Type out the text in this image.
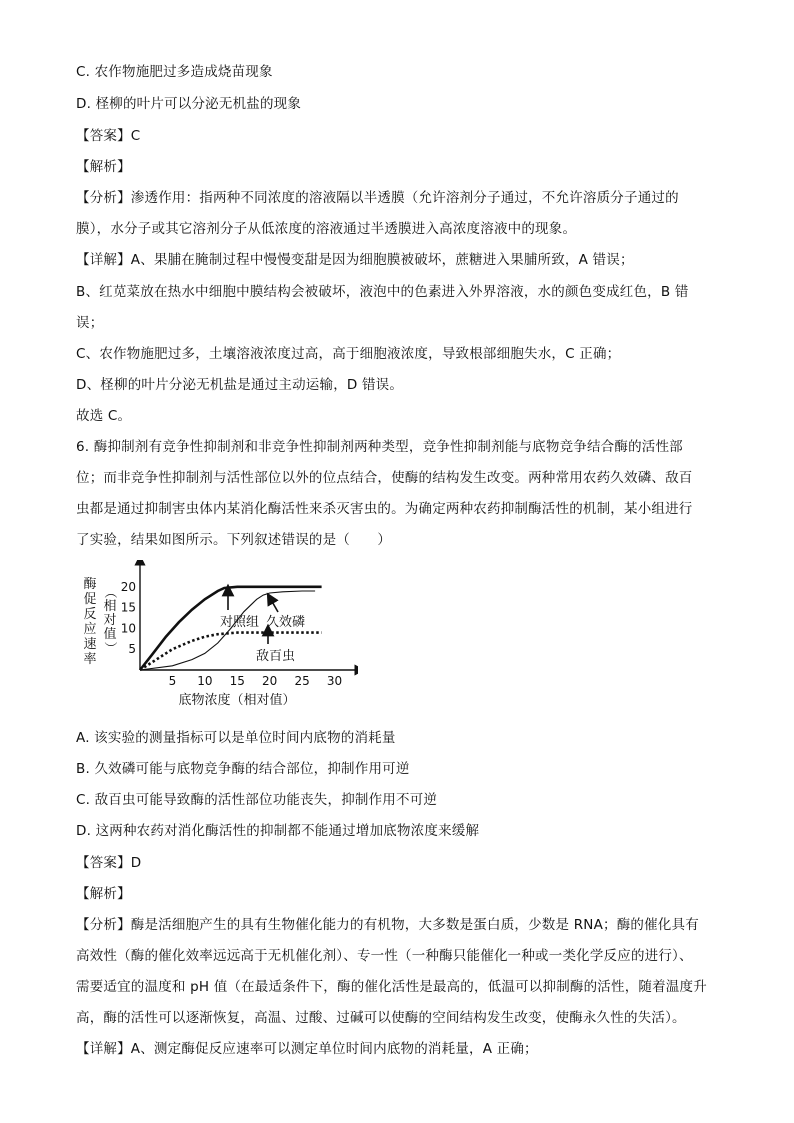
C. 农作物施肥过多造成烧苗现象
D. 柽柳的叶片可以分泌无机盐的现象
【答案】C
【解析】
【分析】渗透作用：指两种不同浓度的溶液隔以半透膜（允许溶剂分子通过，不允许溶质分子通过的
膜），水分子或其它溶剂分子从低浓度的溶液通过半透膜进入高浓度溶液中的现象。
【详解】A、果脯在腌制过程中慢慢变甜是因为细胞膜被破坏，蔗糖进入果脯所致，A 错误；
B、红苋菜放在热水中细胞中膜结构会被破坏，液泡中的色素进入外界溶液，水的颜色变成红色，B 错
误；
C、农作物施肥过多，土壤溶液浓度过高，高于细胞液浓度，导致根部细胞失水，C 正确；
D、柽柳的叶片分泌无机盐是通过主动运输，D 错误。
故选 C。
6. 酶抑制剂有竞争性抑制剂和非竞争性抑制剂两种类型，竞争性抑制剂能与底物竞争结合酶的活性部
位；而非竞争性抑制剂与活性部位以外的位点结合，使酶的结构发生改变。两种常用农药久效磷、敌百
虫都是通过抑制害虫体内某消化酶活性来杀灭害虫的。为确定两种农药抑制酶活性的机制，某小组进行
了实验，结果如图所示。下列叙述错误的是（　　）
5 10 15 20 25 30
5
10
15
20
酶
促
反
应
速
率
（
相
对
值
）
底物浓度（相对值）
对照组 久效磷
敌百虫
A. 该实验的测量指标可以是单位时间内底物的消耗量
B. 久效磷可能与底物竞争酶的结合部位，抑制作用可逆
C. 敌百虫可能导致酶的活性部位功能丧失，抑制作用不可逆
D. 这两种农药对消化酶活性的抑制都不能通过增加底物浓度来缓解
【答案】D
【解析】
【分析】酶是活细胞产生的具有生物催化能力的有机物，大多数是蛋白质，少数是 RNA；酶的催化具有
高效性（酶的催化效率远远高于无机催化剂）、专一性（一种酶只能催化一种或一类化学反应的进行）、
需要适宜的温度和 pH 值（在最适条件下，酶的催化活性是最高的，低温可以抑制酶的活性，随着温度升
高，酶的活性可以逐渐恢复，高温、过酸、过碱可以使酶的空间结构发生改变，使酶永久性的失活）。
【详解】A、测定酶促反应速率可以测定单位时间内底物的消耗量，A 正确；
